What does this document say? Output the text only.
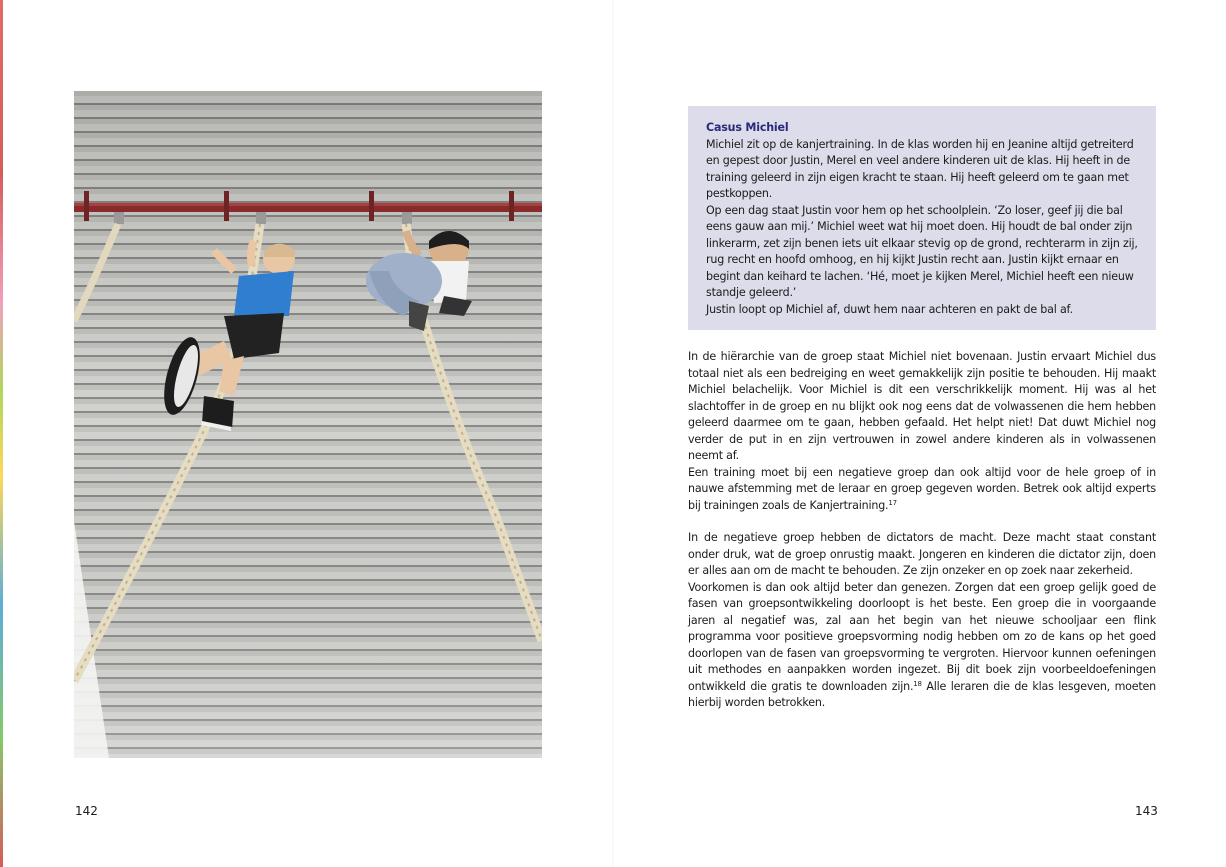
Casus Michiel

Michiel zit op de kanjertraining. In de klas worden hij en Jeanine altijd getreiterd en gepest door Justin, Merel en veel andere kinderen uit de klas. Hij heeft in de training geleerd in zijn eigen kracht te staan. Hij heeft geleerd om te gaan met pestkoppen.

Op een dag staat Justin voor hem op het schoolplein. ‘Zo loser, geef jij die bal eens gauw aan mij.’ Michiel weet wat hij moet doen. Hij houdt de bal onder zijn linkerarm, zet zijn benen iets uit elkaar stevig op de grond, rechterarm in zijn zij, rug recht en hoofd omhoog, en hij kijkt Justin recht aan. Justin kijkt ernaar en begint dan keihard te lachen. ‘Hé, moet je kijken Merel, Michiel heeft een nieuw standje geleerd.’

Justin loopt op Michiel af, duwt hem naar achteren en pakt de bal af.

In de hiërarchie van de groep staat Michiel niet bovenaan. Justin ervaart Michiel dus totaal niet als een bedreiging en weet gemakkelijk zijn positie te behouden. Hij maakt Michiel belachelijk. Voor Michiel is dit een verschrikkelijk moment. Hij was al het slachtoffer in de groep en nu blijkt ook nog eens dat de volwassenen die hem hebben geleerd daarmee om te gaan, hebben gefaald. Het helpt niet! Dat duwt Michiel nog verder de put in en zijn vertrouwen in zowel andere kinderen als in volwassenen neemt af.

Een training moet bij een negatieve groep dan ook altijd voor de hele groep of in nauwe afstemming met de leraar en groep gegeven worden. Betrek ook altijd experts bij trainingen zoals de Kanjertraining.$^{17}$

In de negatieve groep hebben de dictators de macht. Deze macht staat constant onder druk, wat de groep onrustig maakt. Jongeren en kinderen die dictator zijn, doen er alles aan om de macht te behouden. Ze zijn onzeker en op zoek naar zekerheid.

Voorkomen is dan ook altijd beter dan genezen. Zorgen dat een groep gelijk goed de fasen van groepsontwikkeling doorloopt is het beste. Een groep die in voorgaande jaren al negatief was, zal aan het begin van het nieuwe schooljaar een flink programma voor positieve groepsvorming nodig hebben om zo de kans op het goed doorlopen van de fasen van groepsvorming te vergroten. Hiervoor kunnen oefeningen uit methodes en aanpakken worden ingezet. Bij dit boek zijn voorbeeldoefeningen ontwikkeld die gratis te downloaden zijn.$^{18}$ Alle leraren die de klas lesgeven, moeten hierbij worden betrokken.

142	143
